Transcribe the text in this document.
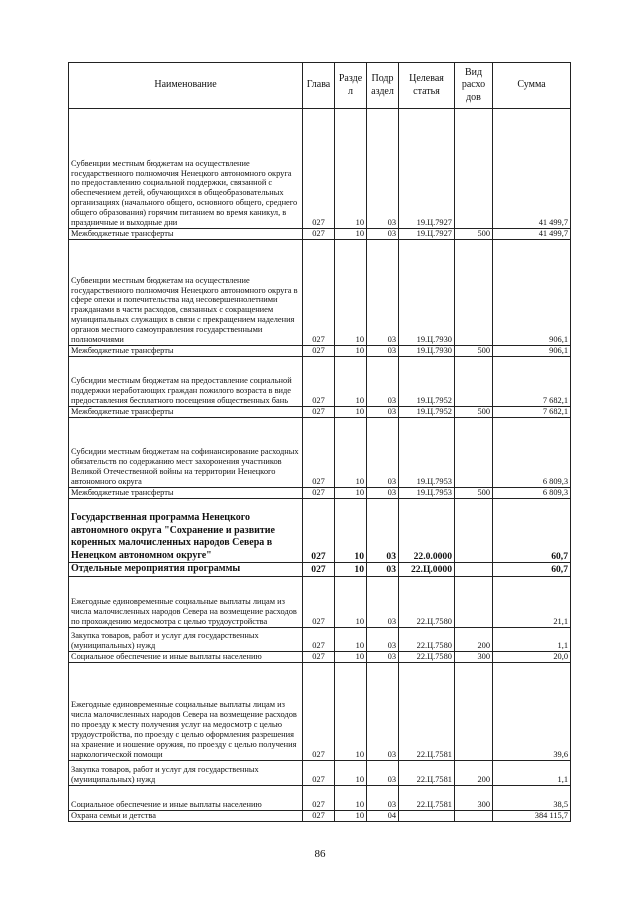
Наименование	Глава	Разде л	Подр аздел	Целевая статья	Вид расхо дов	Сумма

Субвенции местным бюджетам на осуществление государственного полномочия Ненецкого автономного округа по предоставлению социальной поддержки, связанной с обеспечением детей, обучающихся в общеобразовательных организациях (начального общего, основного общего, среднего общего образования) горячим питанием во время каникул, в праздничные и выходные дни	027	10	03	19.Ц.7927		41 499,7
Межбюджетные трансферты	027	10	03	19.Ц.7927	500	41 499,7

Субвенции местным бюджетам на осуществление государственного полномочия Ненецкого автономного округа в сфере опеки и попечительства над несовершеннолетними гражданами в части расходов, связанных с сокращением муниципальных служащих в связи с прекращением наделения органов местного самоуправления государственными полномочиями	027	10	03	19.Ц.7930		906,1
Межбюджетные трансферты	027	10	03	19.Ц.7930	500	906,1

Субсидии местным бюджетам на предоставление социальной поддержки неработающих граждан пожилого возраста в виде предоставления бесплатного посещения общественных бань	027	10	03	19.Ц.7952		7 682,1
Межбюджетные трансферты	027	10	03	19.Ц.7952	500	7 682,1

Субсидии местным бюджетам на софинансирование расходных обязательств по содержанию мест захоронения участников Великой Отечественной войны на территории Ненецкого автономного округа	027	10	03	19.Ц.7953		6 809,3
Межбюджетные трансферты	027	10	03	19.Ц.7953	500	6 809,3

Государственная программа Ненецкого автономного округа "Сохранение и развитие коренных малочисленных народов Севера в Ненецком автономном округе"	027	10	03	22.0.0000		60,7
Отдельные мероприятия программы	027	10	03	22.Ц.0000		60,7

Ежегодные единовременные социальные выплаты лицам из числа малочисленных народов Севера на возмещение расходов по прохождению медосмотра с целью трудоустройства	027	10	03	22.Ц.7580		21,1

Закупка товаров, работ и услуг для государственных (муниципальных) нужд	027	10	03	22.Ц.7580	200	1,1
Социальное обеспечение и иные выплаты населению	027	10	03	22.Ц.7580	300	20,0

Ежегодные единовременные социальные выплаты лицам из числа малочисленных народов Севера на возмещение расходов по проезду к месту получения услуг на медосмотр с целью трудоустройства, по проезду с целью оформления разрешения на хранение и ношение оружия, по проезду с целью получения наркологической помощи	027	10	03	22.Ц.7581		39,6

Закупка товаров, работ и услуг для государственных (муниципальных) нужд	027	10	03	22.Ц.7581	200	1,1

Социальное обеспечение и иные выплаты населению	027	10	03	22.Ц.7581	300	38,5
Охрана семьи и детства	027	10	04			384 115,7
86
